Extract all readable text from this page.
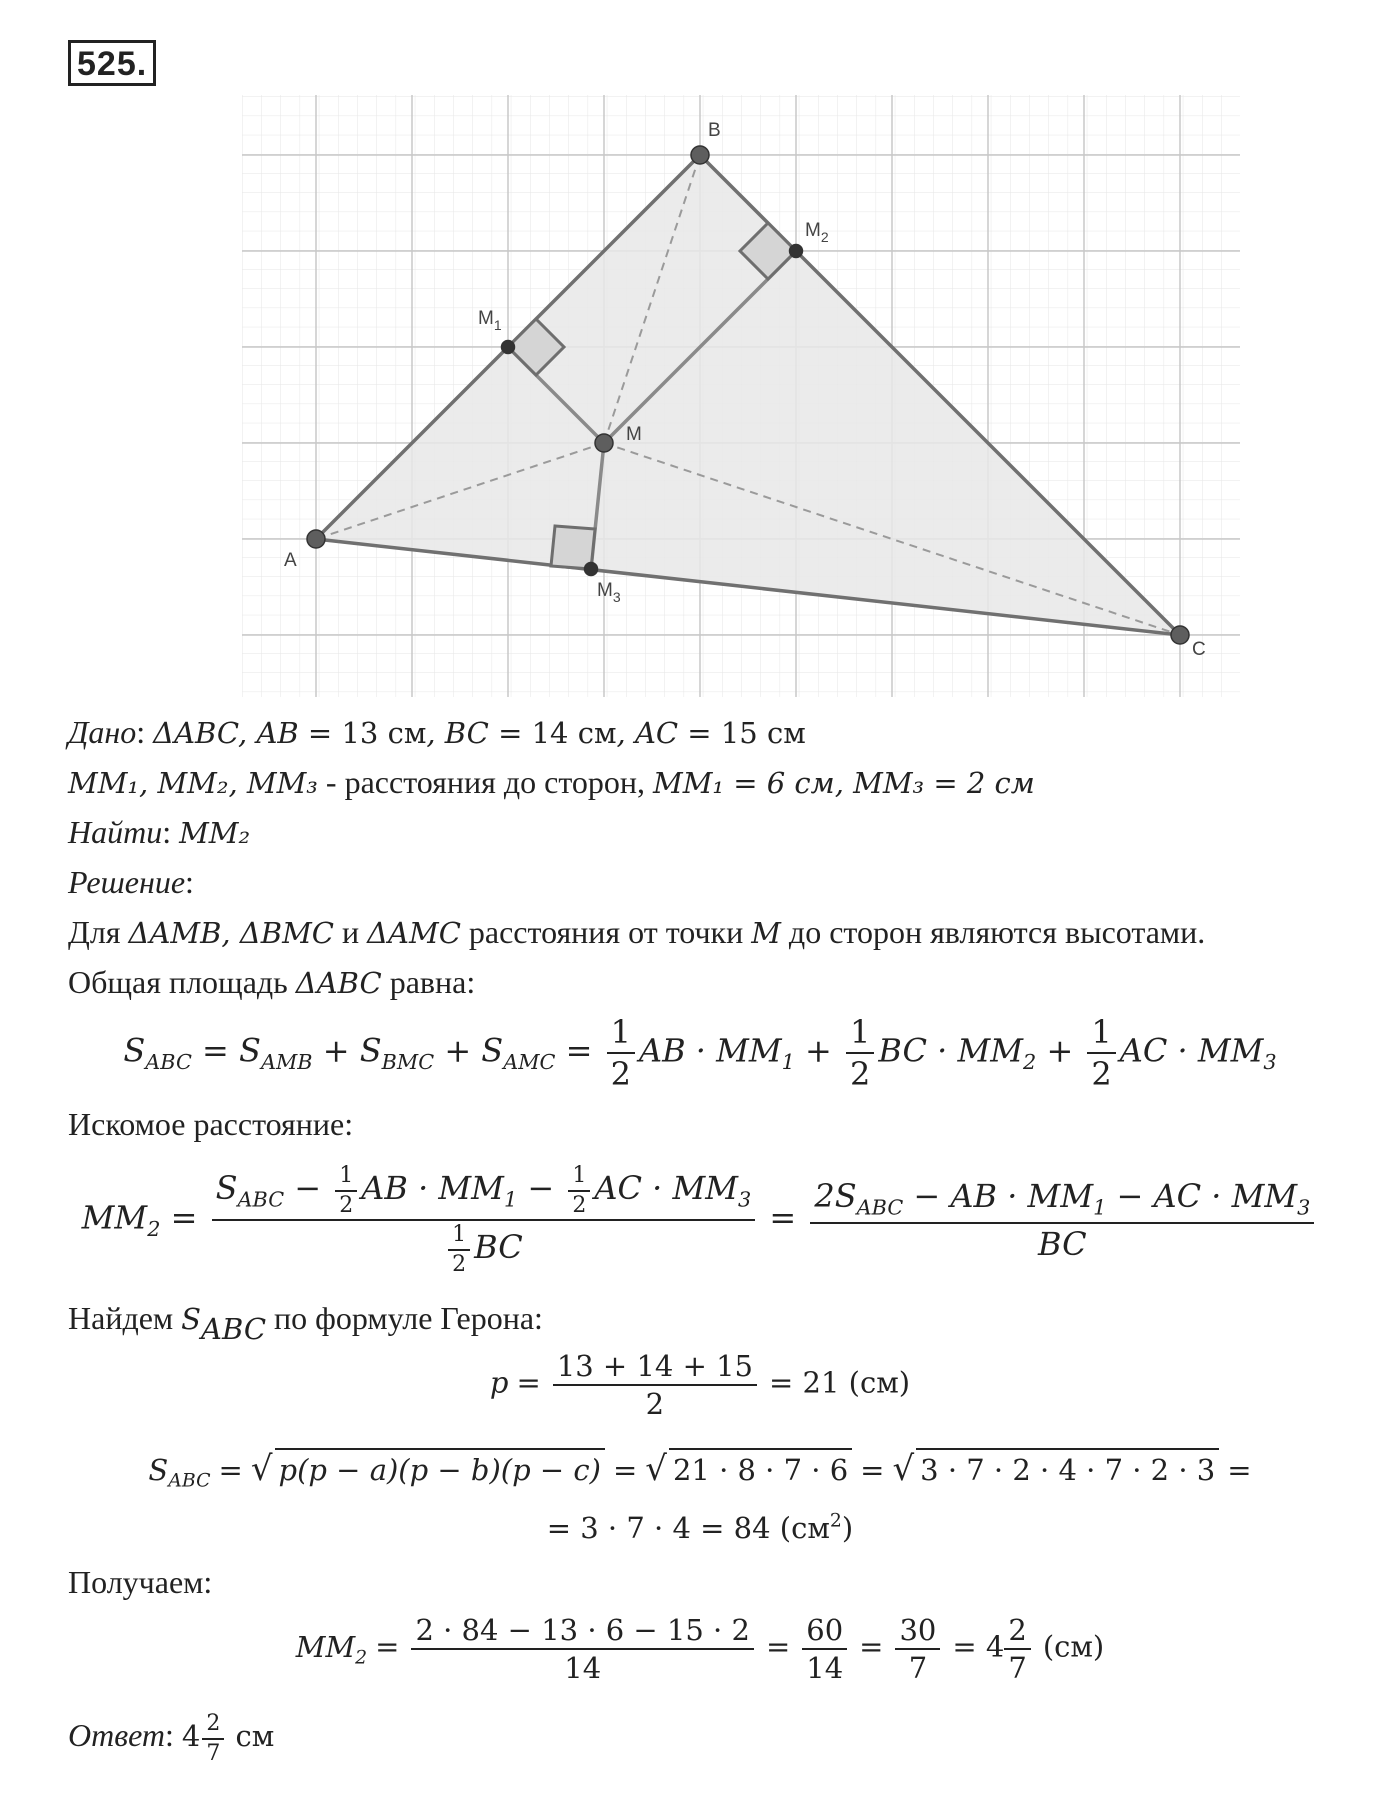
525.
A
B
C
M
$M_1$
$M_2$
$M_3$
Дано: ΔABC, AB = 13 см, BC = 14 см, AC = 15 см
MM₁, MM₂, MM₃ - расстояния до сторон, MM₁ = 6 см, MM₃ = 2 см
Найти: MM₂
Решение:
Для ΔAMB, ΔBMC и ΔAMC расстояния от точки M до сторон являются высотами.
Общая площадь ΔABC равна:
$S_{ABC} = S_{AMB} + S_{BMC} + S_{AMC} = \frac{1}{2}$ AB · $MM_1 + \frac{1}{2}$ BC · $MM_2 + \frac{1}{2}$ AC · $MM_3$
Искомое расстояние:
$MM_2 = \frac{S_{ABC} - \frac{1}{2} AB \cdot MM_1 - \frac{1}{2} AC \cdot MM_3}{\frac{1}{2} BC} = \frac{2S_{ABC} - AB \cdot MM_1 - AC \cdot MM_3}{BC}$
Найдем $S_{ABC}$ по формуле Герона:
$p = \frac{13 + 14 + 15}{2} = 21$ (см)
$S_{ABC}$ = √ p(p − a)(p − b)(p − c) = √ 21 · 8 · 7 · 6 = √ 3 · 7 · 2 · 4 · 7 · 2 · 3 =
= 3 · 7 · 4 = 84 $(см^2)$
Получаем:
$MM_2 = \frac{2 \cdot 84 - 13 \cdot 6 - 15 \cdot 2}{14} = \frac{60}{14} = \frac{30}{7} = 4 \frac{2}{7} (см)$
Ответ: $4 \frac{2}{7}$ см
